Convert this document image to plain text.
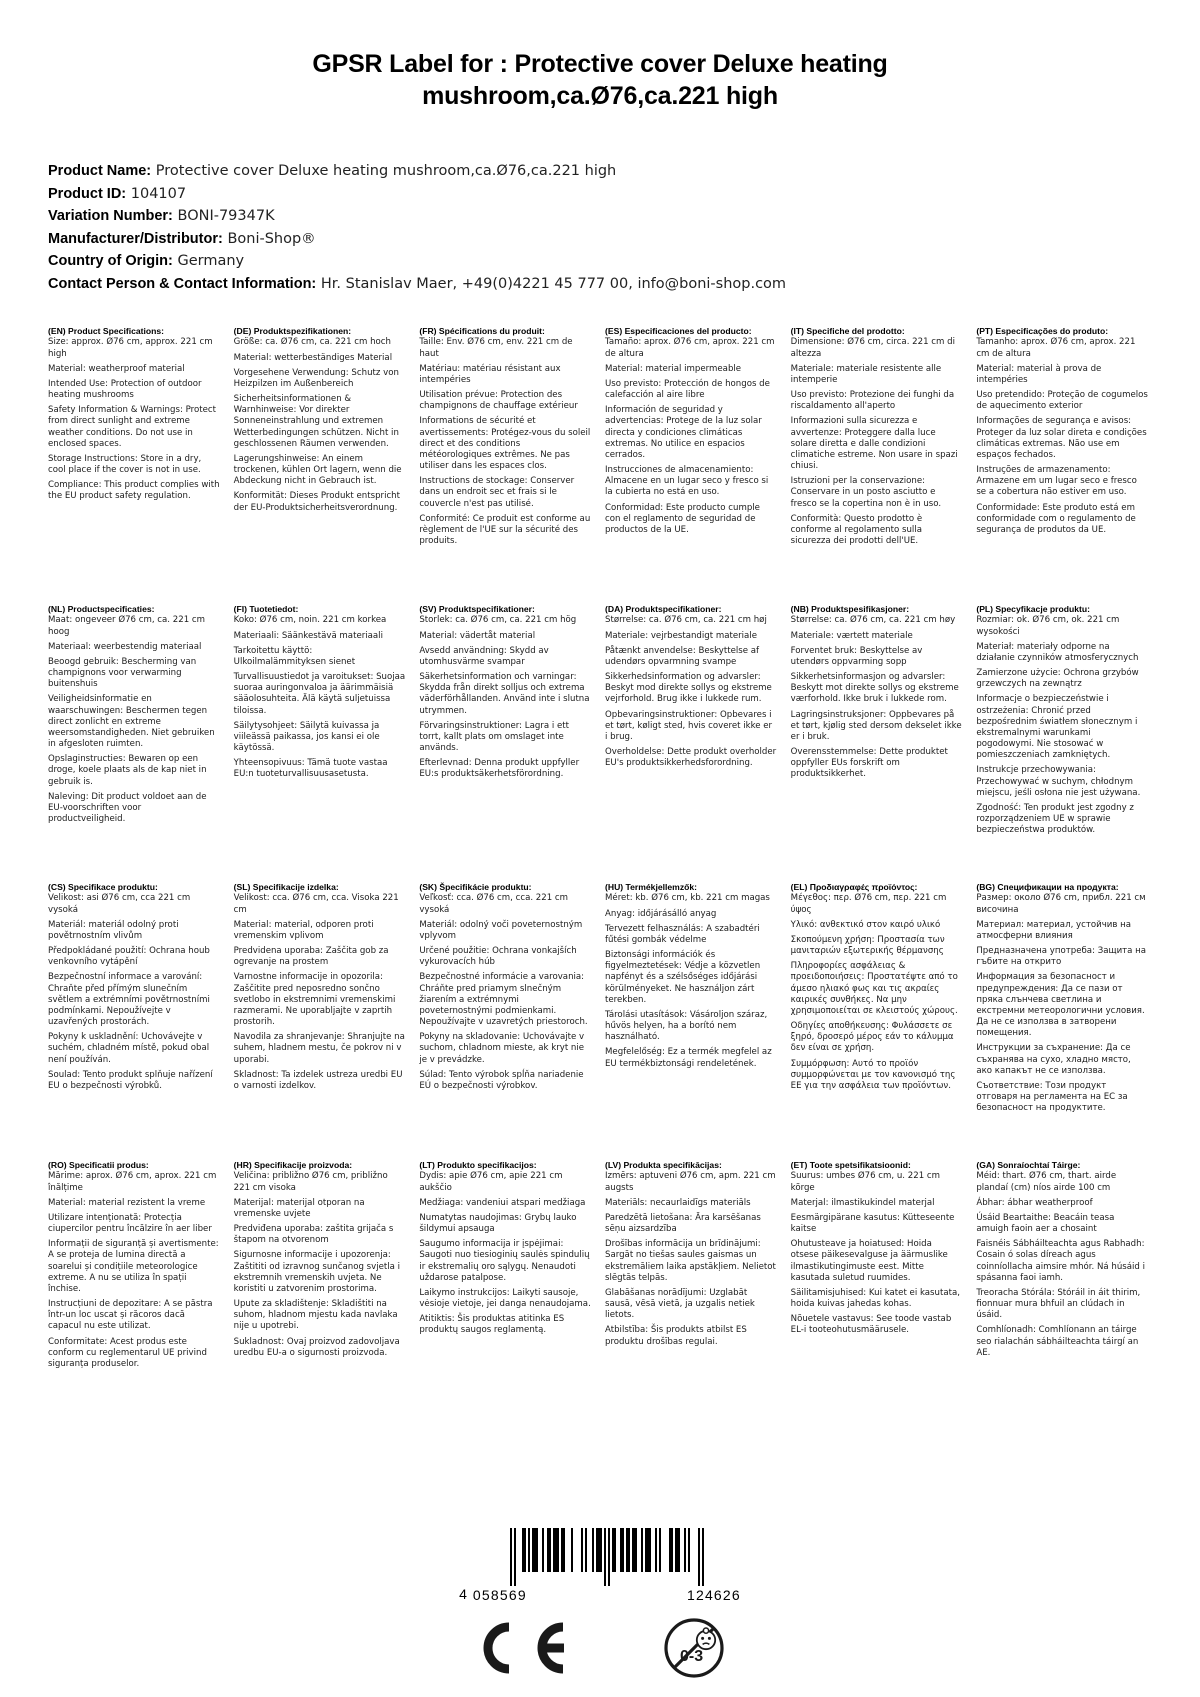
GPSR Label for : Protective cover Deluxe heating mushroom,ca.Ø76,ca.221 high
Product Name: Protective cover Deluxe heating mushroom,ca.Ø76,ca.221 high
Product ID: 104107
Variation Number: BONI-79347K
Manufacturer/Distributor: Boni-Shop®
Country of Origin: Germany
Contact Person & Contact Information: Hr. Stanislav Maer, +49(0)4221 45 777 00, info@boni-shop.com
(EN) Product Specifications:

Size: approx. Ø76 cm, approx. 221 cm high

Material: weatherproof material

Intended Use: Protection of outdoor heating mushrooms

Safety Information & Warnings: Protect from direct sunlight and extreme weather conditions. Do not use in enclosed spaces.

Storage Instructions: Store in a dry, cool place if the cover is not in use.

Compliance: This product complies with the EU product safety regulation.

(DE) Produktspezifikationen:

Größe: ca. Ø76 cm, ca. 221 cm hoch

Material: wetterbeständiges Material

Vorgesehene Verwendung: Schutz von Heizpilzen im Außenbereich

Sicherheitsinformationen & Warnhinweise: Vor direkter Sonneneinstrahlung und extremen Wetterbedingungen schützen. Nicht in geschlossenen Räumen verwenden.

Lagerungshinweise: An einem trockenen, kühlen Ort lagern, wenn die Abdeckung nicht in Gebrauch ist.

Konformität: Dieses Produkt entspricht der EU-Produktsicherheitsverordnung.

(FR) Spécifications du produit:

Taille: Env. Ø76 cm, env. 221 cm de haut

Matériau: matériau résistant aux intempéries

Utilisation prévue: Protection des champignons de chauffage extérieur

Informations de sécurité et avertissements: Protégez-vous du soleil direct et des conditions météorologiques extrêmes. Ne pas utiliser dans les espaces clos.

Instructions de stockage: Conserver dans un endroit sec et frais si le couvercle n'est pas utilisé.

Conformité: Ce produit est conforme au règlement de l'UE sur la sécurité des produits.

(ES) Especificaciones del producto:

Tamaño: aprox. Ø76 cm, aprox. 221 cm de altura

Material: material impermeable

Uso previsto: Protección de hongos de calefacción al aire libre

Información de seguridad y advertencias: Protege de la luz solar directa y condiciones climáticas extremas. No utilice en espacios cerrados.

Instrucciones de almacenamiento: Almacene en un lugar seco y fresco si la cubierta no está en uso.

Conformidad: Este producto cumple con el reglamento de seguridad de productos de la UE.

(IT) Specifiche del prodotto:

Dimensione: Ø76 cm, circa. 221 cm di altezza

Materiale: materiale resistente alle intemperie

Uso previsto: Protezione dei funghi da riscaldamento all'aperto

Informazioni sulla sicurezza e avvertenze: Proteggere dalla luce solare diretta e dalle condizioni climatiche estreme. Non usare in spazi chiusi.

Istruzioni per la conservazione: Conservare in un posto asciutto e fresco se la copertina non è in uso.

Conformità: Questo prodotto è conforme al regolamento sulla sicurezza dei prodotti dell'UE.

(PT) Especificações do produto:

Tamanho: aprox. Ø76 cm, aprox. 221 cm de altura

Material: material à prova de intempéries

Uso pretendido: Proteção de cogumelos de aquecimento exterior

Informações de segurança e avisos: Proteger da luz solar direta e condições climáticas extremas. Não use em espaços fechados.

Instruções de armazenamento: Armazene em um lugar seco e fresco se a cobertura não estiver em uso.

Conformidade: Este produto está em conformidade com o regulamento de segurança de produtos da UE.

(NL) Productspecificaties:

Maat: ongeveer Ø76 cm, ca. 221 cm hoog

Materiaal: weerbestendig materiaal

Beoogd gebruik: Bescherming van champignons voor verwarming buitenshuis

Veiligheidsinformatie en waarschuwingen: Beschermen tegen direct zonlicht en extreme weersomstandigheden. Niet gebruiken in afgesloten ruimten.

Opslaginstructies: Bewaren op een droge, koele plaats als de kap niet in gebruik is.

Naleving: Dit product voldoet aan de EU-voorschriften voor productveiligheid.

(FI) Tuotetiedot:

Koko: Ø76 cm, noin. 221 cm korkea

Materiaali: Säänkestävä materiaali

Tarkoitettu käyttö: Ulkoilmalämmityksen sienet

Turvallisuustiedot ja varoitukset: Suojaa suoraa auringonvaloa ja äärimmäisiä sääolosuhteita. Älä käytä suljetuissa tiloissa.

Säilytysohjeet: Säilytä kuivassa ja viileässä paikassa, jos kansi ei ole käytössä.

Yhteensopivuus: Tämä tuote vastaa EU:n tuoteturvallisuusasetusta.

(SV) Produktspecifikationer:

Storlek: ca. Ø76 cm, ca. 221 cm hög

Material: vädertåt material

Avsedd användning: Skydd av utomhusvärme svampar

Säkerhetsinformation och varningar: Skydda från direkt solljus och extrema väderförhållanden. Använd inte i slutna utrymmen.

Förvaringsinstruktioner: Lagra i ett torrt, kallt plats om omslaget inte används.

Efterlevnad: Denna produkt uppfyller EU:s produktsäkerhetsförordning.

(DA) Produktspecifikationer:

Størrelse: ca. Ø76 cm, ca. 221 cm høj

Materiale: vejrbestandigt materiale

Påtænkt anvendelse: Beskyttelse af udendørs opvarmning svampe

Sikkerhedsinformation og advarsler: Beskyt mod direkte sollys og ekstreme vejrforhold. Brug ikke i lukkede rum.

Opbevaringsinstruktioner: Opbevares i et tørt, køligt sted, hvis coveret ikke er i brug.

Overholdelse: Dette produkt overholder EU's produktsikkerhedsforordning.

(NB) Produktspesifikasjoner:

Størrelse: ca. Ø76 cm, ca. 221 cm høy

Materiale: værtett materiale

Forventet bruk: Beskyttelse av utendørs oppvarming sopp

Sikkerhetsinformasjon og advarsler: Beskytt mot direkte sollys og ekstreme værforhold. Ikke bruk i lukkede rom.

Lagringsinstruksjoner: Oppbevares på et tørt, kjølig sted dersom dekselet ikke er i bruk.

Overensstemmelse: Dette produktet oppfyller EUs forskrift om produktsikkerhet.

(PL) Specyfikacje produktu:

Rozmiar: ok. Ø76 cm, ok. 221 cm wysokości

Materiał: materiały odporne na działanie czynników atmosferycznych

Zamierzone użycie: Ochrona grzybów grzewczych na zewnątrz

Informacje o bezpieczeństwie i ostrzeżenia: Chronić przed bezpośrednim światłem słonecznym i ekstremalnymi warunkami pogodowymi. Nie stosować w pomieszczeniach zamkniętych.

Instrukcje przechowywania: Przechowywać w suchym, chłodnym miejscu, jeśli osłona nie jest używana.

Zgodność: Ten produkt jest zgodny z rozporządzeniem UE w sprawie bezpieczeństwa produktów.

(CS) Specifikace produktu:

Velikost: asi Ø76 cm, cca 221 cm vysoká

Materiál: materiál odolný proti povětrnostním vlivům

Předpokládané použití: Ochrana houb venkovního vytápění

Bezpečnostní informace a varování: Chraňte před přímým slunečním světlem a extrémními povětrnostními podmínkami. Nepoužívejte v uzavřených prostorách.

Pokyny k uskladnění: Uchovávejte v suchém, chladném místě, pokud obal není používán.

Soulad: Tento produkt splňuje nařízení EU o bezpečnosti výrobků.

(SL) Specifikacije izdelka:

Velikost: cca. Ø76 cm, cca. Visoka 221 cm

Material: material, odporen proti vremenskim vplivom

Predvidena uporaba: Zaščita gob za ogrevanje na prostem

Varnostne informacije in opozorila: Zaščitite pred neposredno sončno svetlobo in ekstremnimi vremenskimi razmerami. Ne uporabljajte v zaprtih prostorih.

Navodila za shranjevanje: Shranjujte na suhem, hladnem mestu, če pokrov ni v uporabi.

Skladnost: Ta izdelek ustreza uredbi EU o varnosti izdelkov.

(SK) Špecifikácie produktu:

Veľkosť: cca. Ø76 cm, cca. 221 cm vysoká

Materiál: odolný voči poveternostným vplyvom

Určené použitie: Ochrana vonkajších vykurovacích húb

Bezpečnostné informácie a varovania: Chráňte pred priamym slnečným žiarením a extrémnymi poveternostnými podmienkami. Nepoužívajte v uzavretých priestoroch.

Pokyny na skladovanie: Uchovávajte v suchom, chladnom mieste, ak kryt nie je v prevádzke.

Súlad: Tento výrobok spĺňa nariadenie EÚ o bezpečnosti výrobkov.

(HU) Termékjellemzők:

Méret: kb. Ø76 cm, kb. 221 cm magas

Anyag: időjárásálló anyag

Tervezett felhasználás: A szabadtéri fűtési gombák védelme

Biztonsági információk és figyelmeztetések: Védje a közvetlen napfényt és a szélsőséges időjárási körülményeket. Ne használjon zárt terekben.

Tárolási utasítások: Vásároljon száraz, hűvös helyen, ha a borító nem használható.

Megfelelőség: Ez a termék megfelel az EU termékbiztonsági rendeletének.

(EL) Προδιαγραφές προϊόντος:

Μέγεθος: περ. Ø76 cm, περ. 221 cm ύψος

Υλικό: ανθεκτικό στον καιρό υλικό

Σκοπούμενη χρήση: Προστασία των μανιταριών εξωτερικής θέρμανσης

Πληροφορίες ασφάλειας & προειδοποιήσεις: Προστατέψτε από το άμεσο ηλιακό φως και τις ακραίες καιρικές συνθήκες. Να μην χρησιμοποιείται σε κλειστούς χώρους.

Οδηγίες αποθήκευσης: Φυλάσσετε σε ξηρό, δροσερό μέρος εάν το κάλυμμα δεν είναι σε χρήση.

Συμμόρφωση: Αυτό το προϊόν συμμορφώνεται με τον κανονισμό της ΕΕ για την ασφάλεια των προϊόντων.

(BG) Спецификации на продукта:

Размер: около Ø76 cm, прибл. 221 см височина

Материал: материал, устойчив на атмосферни влияния

Предназначена употреба: Защита на гъбите на открито

Информация за безопасност и предупреждения: Да се пази от пряка слънчева светлина и екстремни метеорологични условия. Да не се използва в затворени помещения.

Инструкции за съхранение: Да се съхранява на сухо, хладно място, ако капакът не се използва.

Съответствие: Този продукт отговаря на регламента на ЕС за безопасност на продуктите.

(RO) Specificatii produs:

Mărime: aprox. Ø76 cm, aprox. 221 cm înălțime

Material: material rezistent la vreme

Utilizare intenționată: Protecția ciupercilor pentru încălzire în aer liber

Informații de siguranță și avertismente: A se proteja de lumina directă a soarelui și condițiile meteorologice extreme. A nu se utiliza în spații închise.

Instrucțiuni de depozitare: A se păstra într-un loc uscat și răcoros dacă capacul nu este utilizat.

Conformitate: Acest produs este conform cu reglementarul UE privind siguranța produselor.

(HR) Specifikacije proizvoda:

Veličina: približno Ø76 cm, približno 221 cm visoka

Materijal: materijal otporan na vremenske uvjete

Predviđena uporaba: zaštita grijača s štapom na otvorenom

Sigurnosne informacije i upozorenja: Zaštititi od izravnog sunčanog svjetla i ekstremnih vremenskih uvjeta. Ne koristiti u zatvorenim prostorima.

Upute za skladištenje: Skladištiti na suhom, hladnom mjestu kada navlaka nije u upotrebi.

Sukladnost: Ovaj proizvod zadovoljava uredbu EU-a o sigurnosti proizvoda.

(LT) Produkto specifikacijos:

Dydis: apie Ø76 cm, apie 221 cm aukščio

Medžiaga: vandeniui atspari medžiaga

Numatytas naudojimas: Grybų lauko šildymui apsauga

Saugumo informacija ir įspėjimai: Saugoti nuo tiesioginių saulės spindulių ir ekstremalių oro sąlygų. Nenaudoti uždarose patalpose.

Laikymo instrukcijos: Laikyti sausoje, vėsioje vietoje, jei danga nenaudojama.

Atitiktis: Šis produktas atitinka ES produktų saugos reglamentą.

(LV) Produkta specifikācijas:

Izmērs: aptuveni Ø76 cm, apm. 221 cm augsts

Materiāls: necaurlaidīgs materiāls

Paredzētā lietošana: Āra karsēšanas sēņu aizsardzība

Drošības informācija un brīdinājumi: Sargāt no tiešas saules gaismas un ekstremāliem laika apstākļiem. Nelietot slēgtās telpās.

Glabāšanas norādījumi: Uzglabāt sausā, vēsā vietā, ja uzgalis netiek lietots.

Atbilstība: Šis produkts atbilst ES produktu drošības regulai.

(ET) Toote spetsifikatsioonid:

Suurus: umbes Ø76 cm, u. 221 cm kõrge

Materjal: ilmastikukindel materjal

Eesmärgipärane kasutus: Kütteseente kaitse

Ohutusteave ja hoiatused: Hoida otsese päikesevalguse ja äärmuslike ilmastikutingimuste eest. Mitte kasutada suletud ruumides.

Säilitamisjuhised: Kui katet ei kasutata, hoida kuivas jahedas kohas.

Nõuetele vastavus: See toode vastab EL-i tooteohutusmäärusele.

(GA) Sonraíochtaí Táirge:

Méid: thart. Ø76 cm, thart. airde plandaí (cm) níos airde 100 cm

Ábhar: ábhar weatherproof

Úsáid Beartaithe: Beacáin teasa amuigh faoin aer a chosaint

Faisnéis Sábháilteachta agus Rabhadh: Cosain ó solas díreach agus coinníollacha aimsire mhór. Ná húsáid i spásanna faoi iamh.

Treoracha Stórála: Stóráil in áit thirim, fionnuar mura bhfuil an clúdach in úsáid.

Comhlíonadh: Comhlíonann an táirge seo rialachán sábháilteachta táirgí an AE.

4 058569	124626
0-3
